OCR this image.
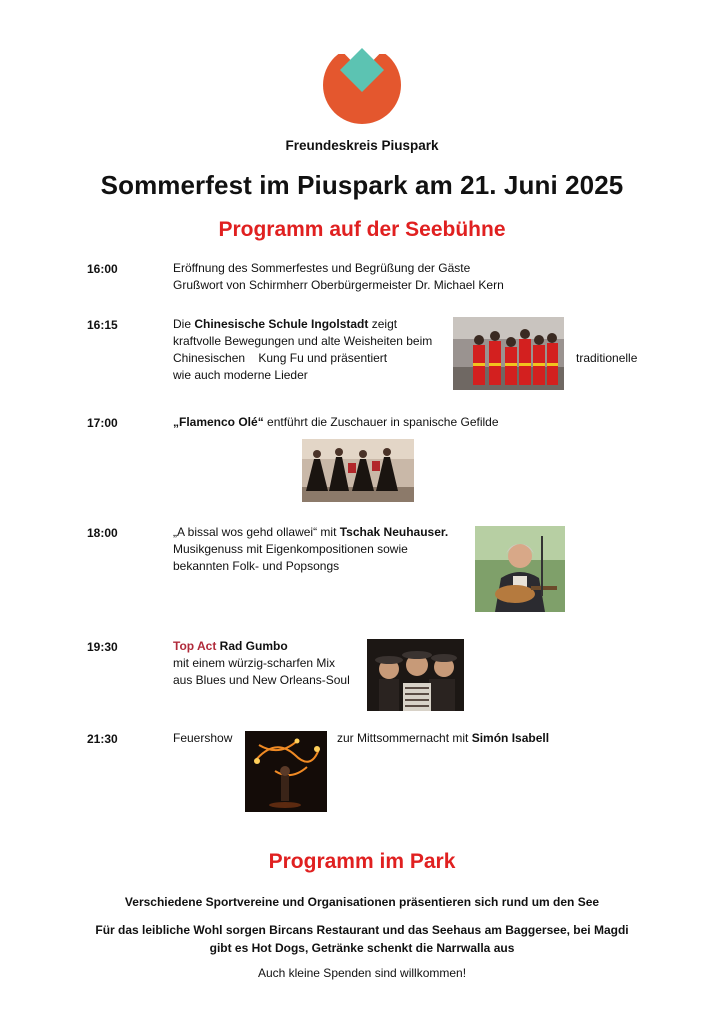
Freundeskreis Piuspark
Sommerfest im Piuspark am 21. Juni 2025
Programm auf der Seebühne
16:00	Eröffnung des Sommerfestes und Begrüßung der Gäste
Grußwort von Schirmherr Oberbürgermeister Dr. Michael Kern
16:15	Die Chinesische Schule Ingolstadt zeigt
kraftvolle Bewegungen und alte Weisheiten beim
Chinesischen    Kung Fu und präsentiert
wie auch moderne Lieder
traditionelle
17:00	„Flamenco Olé“ entführt die Zuschauer in spanische Gefilde
18:00	„A bissal wos gehd ollawei“ mit Tschak Neuhauser.
Musikgenuss mit Eigenkompositionen sowie
bekannten Folk- und Popsongs
19:30	Top Act Rad Gumbo
mit einem würzig-scharfen Mix
aus Blues und New Orleans-Soul
21:30	Feuershow	zur Mittsommernacht mit Simón Isabell
Programm im Park
Verschiedene Sportvereine und Organisationen präsentieren sich rund um den See
Für das leibliche Wohl sorgen Bircans Restaurant und das Seehaus am Baggersee, bei Magdi
gibt es Hot Dogs, Getränke schenkt die Narrwalla aus
Auch kleine Spenden sind willkommen!
